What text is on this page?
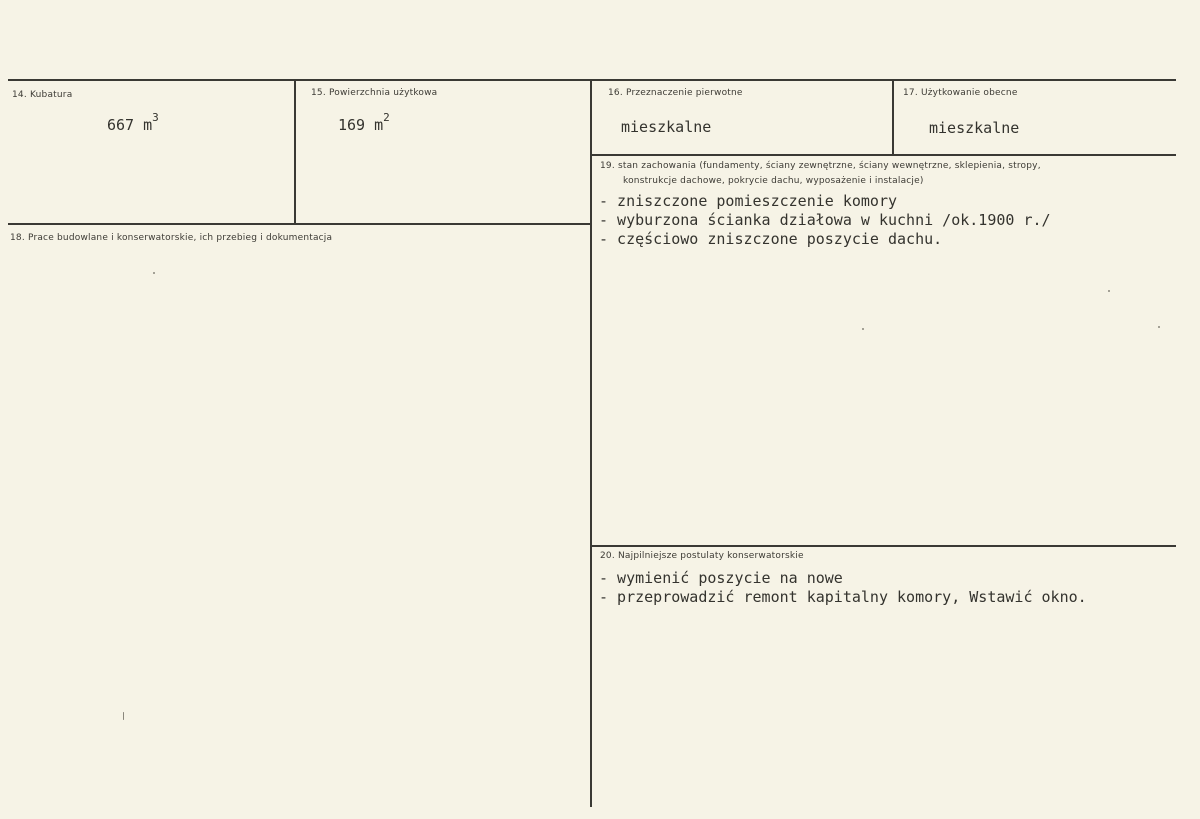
14. Kubatura
667 $m^3$
15. Powierzchnia użytkowa
169 $m^2$
16. Przeznaczenie pierwotne
mieszkalne
17. Użytkowanie obecne
mieszkalne
18. Prace budowlane i konserwatorskie, ich przebieg i dokumentacja
19. stan zachowania (fundamenty, ściany zewnętrzne, ściany wewnętrzne, sklepienia, stropy,
konstrukcje dachowe, pokrycie dachu, wyposażenie i instalacje)
- zniszczone pomieszczenie komory
- wyburzona ścianka działowa w kuchni /ok.1900 r./
- częściowo zniszczone poszycie dachu.
20. Najpilniejsze postulaty konserwatorskie
- wymienić poszycie na nowe
- przeprowadzić remont kapitalny komory, Wstawić okno.
